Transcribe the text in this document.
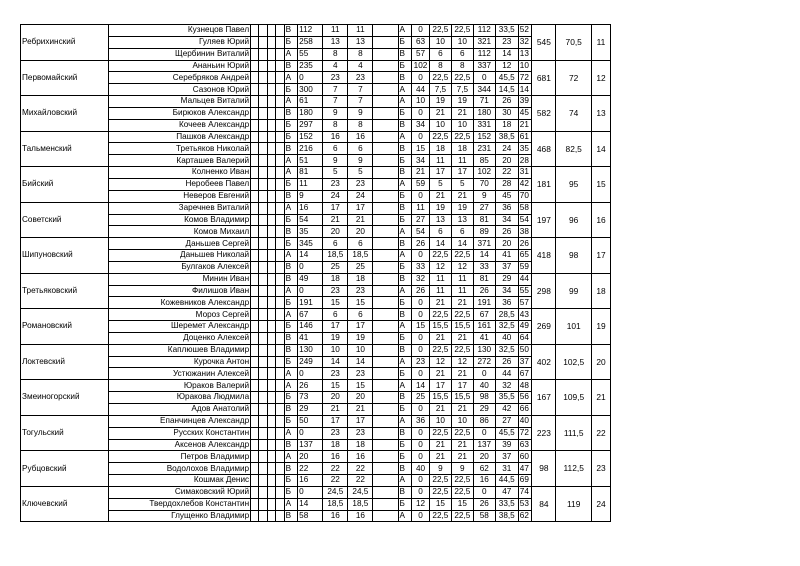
Ребрихинский	Кузнецов Павел					В	112	11	11		А	0	22,5	22,5	112	33,5	52	545	70,5	11
	Гуляев Юрий					Б	258	13	13		Б	63	10	10	321	23	32			
	Щербинин Виталий					А	55	8	8		В	57	6	6	112	14	13			
Первомайский	Ананьин Юрий					В	235	4	4		Б	102	8	8	337	12	10	681	72	12
	Серебряков Андрей					А	0	23	23		В	0	22,5	22,5	0	45,5	72			
	Сазонов Юрий					Б	300	7	7		А	44	7,5	7,5	344	14,5	14			
Михайловский	Мальцев Виталий					А	61	7	7		А	10	19	19	71	26	39	582	74	13
	Бирюков Александр					В	180	9	9		Б	0	21	21	180	30	45			
	Кочеев Александр					Б	297	8	8		В	34	10	10	331	18	21			
Тальменский	Пашков Александр					Б	152	16	16		А	0	22,5	22,5	152	38,5	61	468	82,5	14
	Третьяков Николай					В	216	6	6		В	15	18	18	231	24	35			
	Карташев Валерий					А	51	9	9		Б	34	11	11	85	20	28			
Бийский	Колненко Иван					А	81	5	5		В	21	17	17	102	22	31	181	95	15
	Неробеев Павел					Б	11	23	23		А	59	5	5	70	28	42			
	Неверов Евгений					В	9	24	24		Б	0	21	21	9	45	70			
Советский	Заречнев Виталий					А	16	17	17		В	11	19	19	27	36	58	197	96	16
	Комов Владимир					Б	54	21	21		Б	27	13	13	81	34	54			
	Комов Михаил					В	35	20	20		А	54	6	6	89	26	38			
Шипуновский	Даньшев Сергей					Б	345	6	6		В	26	14	14	371	20	26	418	98	17
	Даньшев Николай					А	14	18,5	18,5		А	0	22,5	22,5	14	41	65			
	Булгаков Алексей					В	0	25	25		Б	33	12	12	33	37	59			
Третьяковский	Минин Иван					В	49	18	18		В	32	11	11	81	29	44	298	99	18
	Филишов Иван					А	0	23	23		А	26	11	11	26	34	55			
	Кожевников Александр					Б	191	15	15		Б	0	21	21	191	36	57			
Романовский	Мороз Сергей					А	67	6	6		В	0	22,5	22,5	67	28,5	43	269	101	19
	Шеремет Александр					Б	146	17	17		А	15	15,5	15,5	161	32,5	49			
	Доценко Алексей					В	41	19	19		Б	0	21	21	41	40	64			
Локтевский	Каплюшев Владимир					В	130	10	10		В	0	22,5	22,5	130	32,5	50	402	102,5	20
	Курочка Антон					Б	249	14	14		А	23	12	12	272	26	37			
	Устюжанин Алексей					А	0	23	23		Б	0	21	21	0	44	67			
Змеиногорский	Юраков Валерий					А	26	15	15		А	14	17	17	40	32	48	167	109,5	21
	Юракова Людмила					Б	73	20	20		В	25	15,5	15,5	98	35,5	56			
	Адов Анатолий					В	29	21	21		Б	0	21	21	29	42	66			
Тогульский	Епанчинцев Александр					Б	50	17	17		А	36	10	10	86	27	40	223	111,5	22
	Русских Константин					А	0	23	23		В	0	22,5	22,5	0	45,5	72			
	Аксенов Александр					В	137	18	18		Б	0	21	21	137	39	63			
Рубцовский	Петров Владимир					А	20	16	16		Б	0	21	21	20	37	60	98	112,5	23
	Водолохов Владимир					В	22	22	22		В	40	9	9	62	31	47			
	Кошмак Денис					Б	16	22	22		А	0	22,5	22,5	16	44,5	69			
Ключевский	Симаковский Юрий					Б	0	24,5	24,5		В	0	22,5	22,5	0	47	74	84	119	24
	Твердохлебов Константин					А	14	18,5	18,5		Б	12	15	15	26	33,5	53			
	Глущенко Владимир					В	58	16	16		А	0	22,5	22,5	58	38,5	62			
